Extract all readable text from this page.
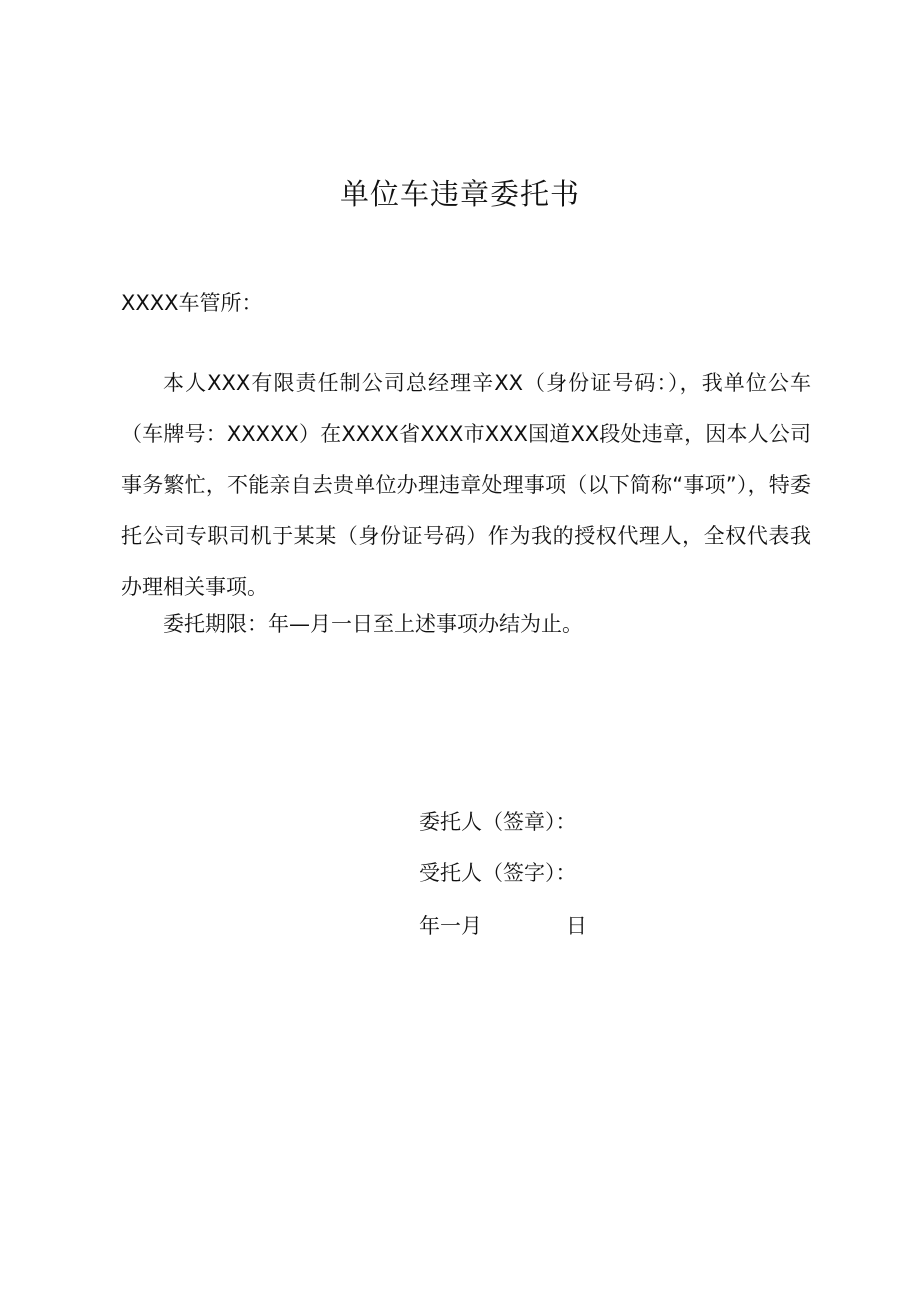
单位车违章委托书

XXXX车管所：

本人XXX有限责任制公司总经理辛XX（身份证号码：），我单位公车（车牌号：XXXXX）在XXXX省XXX市XXX国道XX段处违章，因本人公司事务繁忙，不能亲自去贵单位办理违章处理事项（以下简称“事项”），特委托公司专职司机于某某（身份证号码）作为我的授权代理人，全权代表我办理相关事项。

委托期限：年—月一日至上述事项办结为止。

委托人（签章）：

受托人（签字）：

年一月	日
